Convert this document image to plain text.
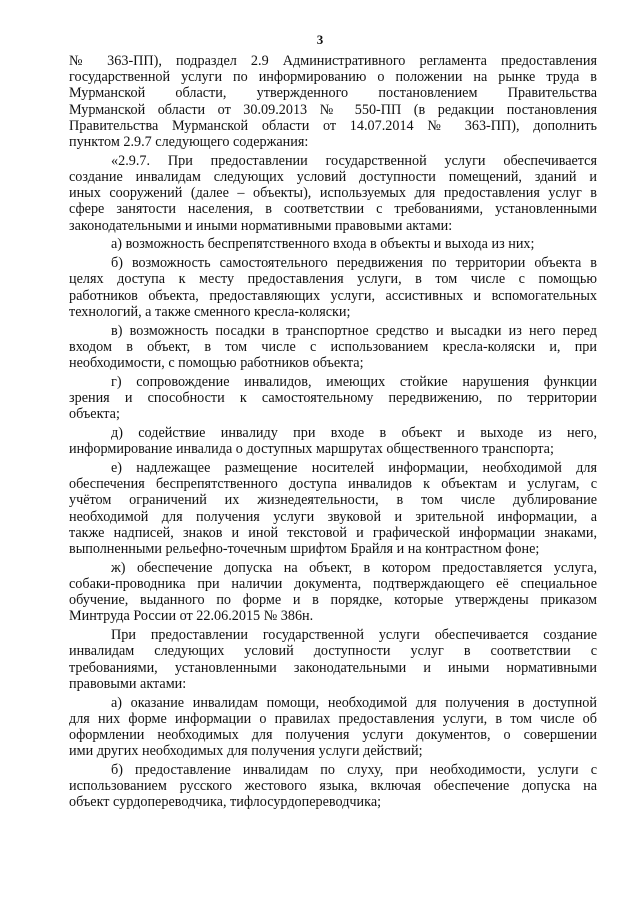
3
№ 363-ПП), подраздел 2.9 Административного регламента предоставления
государственной услуги по информированию о положении на рынке труда в
Мурманской области, утвержденного постановлением Правительства
Мурманской области от 30.09.2013 № 550-ПП (в редакции постановления
Правительства Мурманской области от 14.07.2014 № 363-ПП), дополнить
пунктом 2.9.7 следующего содержания:
«2.9.7. При предоставлении государственной услуги обеспечивается
создание инвалидам следующих условий доступности помещений, зданий и
иных сооружений (далее – объекты), используемых для предоставления услуг в
сфере занятости населения, в соответствии с требованиями, установленными
законодательными и иными нормативными правовыми актами:
а) возможность беспрепятственного входа в объекты и выхода из них;
б) возможность самостоятельного передвижения по территории объекта в
целях доступа к месту предоставления услуги, в том числе с помощью
работников объекта, предоставляющих услуги, ассистивных и вспомогательных
технологий, а также сменного кресла-коляски;
в) возможность посадки в транспортное средство и высадки из него перед
входом в объект, в том числе с использованием кресла-коляски и, при
необходимости, с помощью работников объекта;
г) сопровождение инвалидов, имеющих стойкие нарушения функции
зрения и способности к самостоятельному передвижению, по территории
объекта;
д) содействие инвалиду при входе в объект и выходе из него,
информирование инвалида о доступных маршрутах общественного транспорта;
е) надлежащее размещение носителей информации, необходимой для
обеспечения беспрепятственного доступа инвалидов к объектам и услугам, с
учётом ограничений их жизнедеятельности, в том числе дублирование
необходимой для получения услуги звуковой и зрительной информации, а
также надписей, знаков и иной текстовой и графической информации знаками,
выполненными рельефно-точечным шрифтом Брайля и на контрастном фоне;
ж) обеспечение допуска на объект, в котором предоставляется услуга,
собаки-проводника при наличии документа, подтверждающего её специальное
обучение, выданного по форме и в порядке, которые утверждены приказом
Минтруда России от 22.06.2015 № 386н.
При предоставлении государственной услуги обеспечивается создание
инвалидам следующих условий доступности услуг в соответствии с
требованиями, установленными законодательными и иными нормативными
правовыми актами:
а) оказание инвалидам помощи, необходимой для получения в доступной
для них форме информации о правилах предоставления услуги, в том числе об
оформлении необходимых для получения услуги документов, о совершении
ими других необходимых для получения услуги действий;
б) предоставление инвалидам по слуху, при необходимости, услуги с
использованием русского жестового языка, включая обеспечение допуска на
объект сурдопереводчика, тифлосурдопереводчика;
